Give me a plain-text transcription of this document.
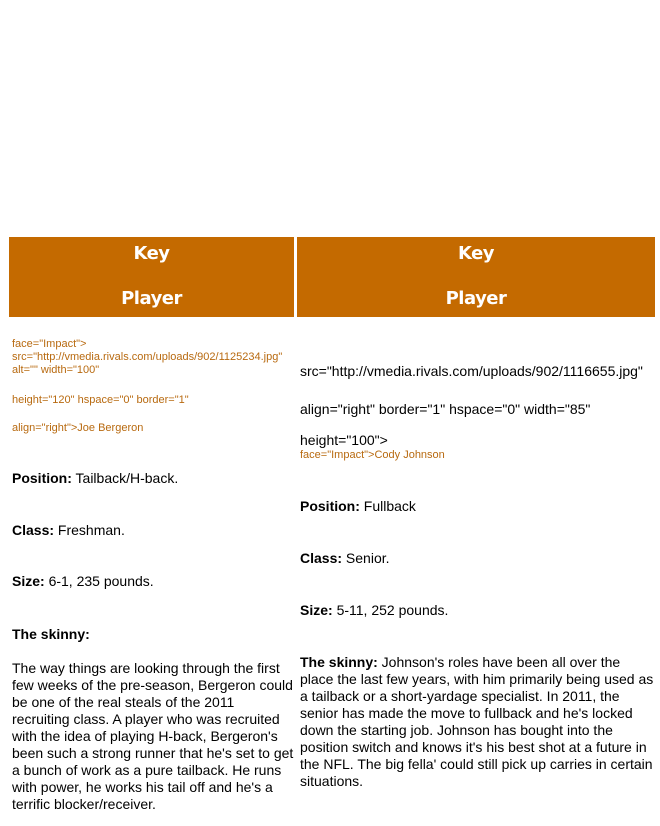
Key
Player
face="Impact">
src="http://vmedia.rivals.com/uploads/902/1125234.jpg"
alt="" width="100"
height="120" hspace="0" border="1"
align="right">Joe Bergeron
Position: Tailback/H-back.
Class: Freshman.
Size: 6-1, 235 pounds.
The skinny:
The way things are looking through the first few weeks of the pre-season, Bergeron could be one of the real steals of the 2011 recruiting class. A player who was recruited with the idea of playing H-back, Bergeron's been such a strong runner that he's set to get a bunch of work as a pure tailback. He runs with power, he works his tail off and he's a terrific blocker/receiver.
Key
Player
src="http://vmedia.rivals.com/uploads/902/1116655.jpg"
align="right" border="1" hspace="0" width="85"
height="100">
face="Impact">Cody Johnson
Position: Fullback
Class: Senior.
Size: 5-11, 252 pounds.
The skinny: Johnson's roles have been all over the place the last few years, with him primarily being used as a tailback or a short-yardage specialist. In 2011, the senior has made the move to fullback and he's locked down the starting job. Johnson has bought into the position switch and knows it's his best shot at a future in the NFL. The big fella' could still pick up carries in certain situations.
